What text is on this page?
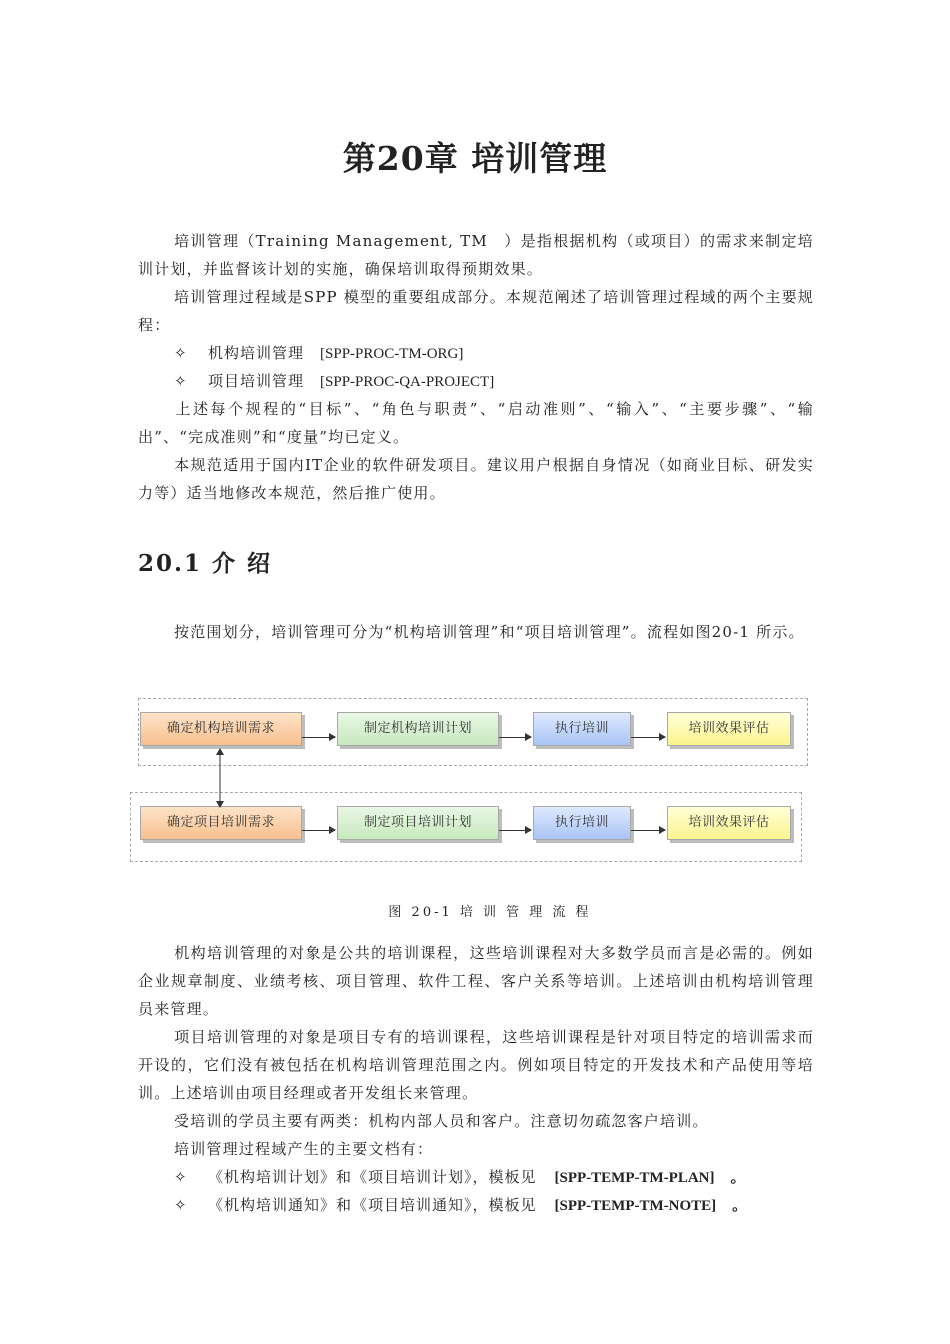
第20章 培训管理

培训管理（Training Management, TM　）是指根据机构（或项目）的需求来制定培训计划，并监督该计划的实施，确保培训取得预期效果。

培训管理过程域是SPP 模型的重要组成部分。本规范阐述了培训管理过程域的两个主要规程：

✧ 机构培训管理 [SPP-PROC-TM-ORG]
✧ 项目培训管理 [SPP-PROC-QA-PROJECT]

上述每个规程的“目标”、“角色与职责”、“启动准则”、“输入”、“主要步骤”、“输出”、“完成准则”和“度量”均已定义。

本规范适用于国内IT企业的软件研发项目。建议用户根据自身情况（如商业目标、研发实力等）适当地修改本规范，然后推广使用。

20.1 介 绍

按范围划分，培训管理可分为“机构培训管理”和“项目培训管理”。流程如图20-1 所示。

确定机构培训需求	制定机构培训计划	执行培训	培训效果评估
确定项目培训需求	制定项目培训计划	执行培训	培训效果评估
图 20-1 培 训 管 理 流 程

机构培训管理的对象是公共的培训课程，这些培训课程对大多数学员而言是必需的。例如企业规章制度、业绩考核、项目管理、软件工程、客户关系等培训。上述培训由机构培训管理员来管理。

项目培训管理的对象是项目专有的培训课程，这些培训课程是针对项目特定的培训需求而开设的，它们没有被包括在机构培训管理范围之内。例如项目特定的开发技术和产品使用等培训。上述培训由项目经理或者开发组长来管理。

受培训的学员主要有两类：机构内部人员和客户。注意切勿疏忽客户培训。

培训管理过程域产生的主要文档有：

✧ 《机构培训计划》和《项目培训计划》，模板见 [SPP-TEMP-TM-PLAN] 。
✧ 《机构培训通知》和《项目培训通知》，模板见 [SPP-TEMP-TM-NOTE] 。
